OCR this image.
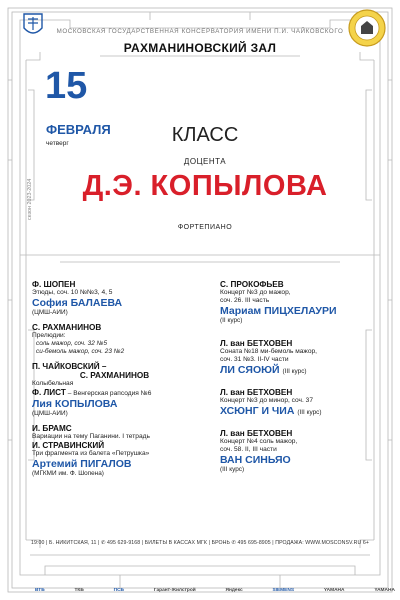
МОСКОВСКАЯ ГОСУДАРСТВЕННАЯ КОНСЕРВАТОРИЯ ИМЕНИ П.И. ЧАЙКОВСКОГО
РАХМАНИНОВСКИЙ ЗАЛ
сезон 2023-2024
15
ФЕВРАЛЯ
четверг	КЛАСС
ДОЦЕНТА
Д.Э. КОПЫЛОВА
ФОРТЕПИАНО
Ф. ШОПЕН
Этюды, соч. 10 №№3, 4, 5
София БАЛАЕВА
(ЦМШ-АИИ)
С. РАХМАНИНОВ
Прелюдии:
соль мажор, соч. 32 №5
си-бемоль мажор, соч. 23 №2
П. ЧАЙКОВСКИЙ –
С. РАХМАНИНОВ
Колыбельная
Ф. ЛИСТ – Венгерская рапсодия №6
Лия КОПЫЛОВА
(ЦМШ-АИИ)
И. БРАМС
Вариации на тему Паганини. I тетрадь
И. СТРАВИНСКИЙ
Три фрагмента из балета «Петрушка»
Артемий ПИГАЛОВ
(МГКМИ им. Ф. Шопена)
С. ПРОКОФЬЕВ
Концерт №3 до мажор,
соч. 26. III часть
Мариам ПИЦХЕЛАУРИ
(II курс)
Л. ван БЕТХОВЕН
Соната №18 ми-бемоль мажор,
соч. 31 №3. II-IV части
ЛИ СЯОЮЙ (III курс)
Л. ван БЕТХОВЕН
Концерт №3 до минор, соч. 37
ХСЮНГ И ЧИА (III курс)
Л. ван БЕТХОВЕН
Концерт №4 соль мажор,
соч. 58. II, III части
ВАН СИНЬЯО
(III курс)
19:00 | Б. НИКИТСКАЯ, 11 | ✆ 495 629-9168 | БИЛЕТЫ В КАССАХ МГК | БРОНЬ ✆ 495 695-8905 | ПРОДАЖА: WWW.MOSCONSV.RU 6+
ВТБ	ТКБ	ПСБ	Гарант-Жилстрой	Яндекс	SIEMENS	YAMAHA	YAMAHA
